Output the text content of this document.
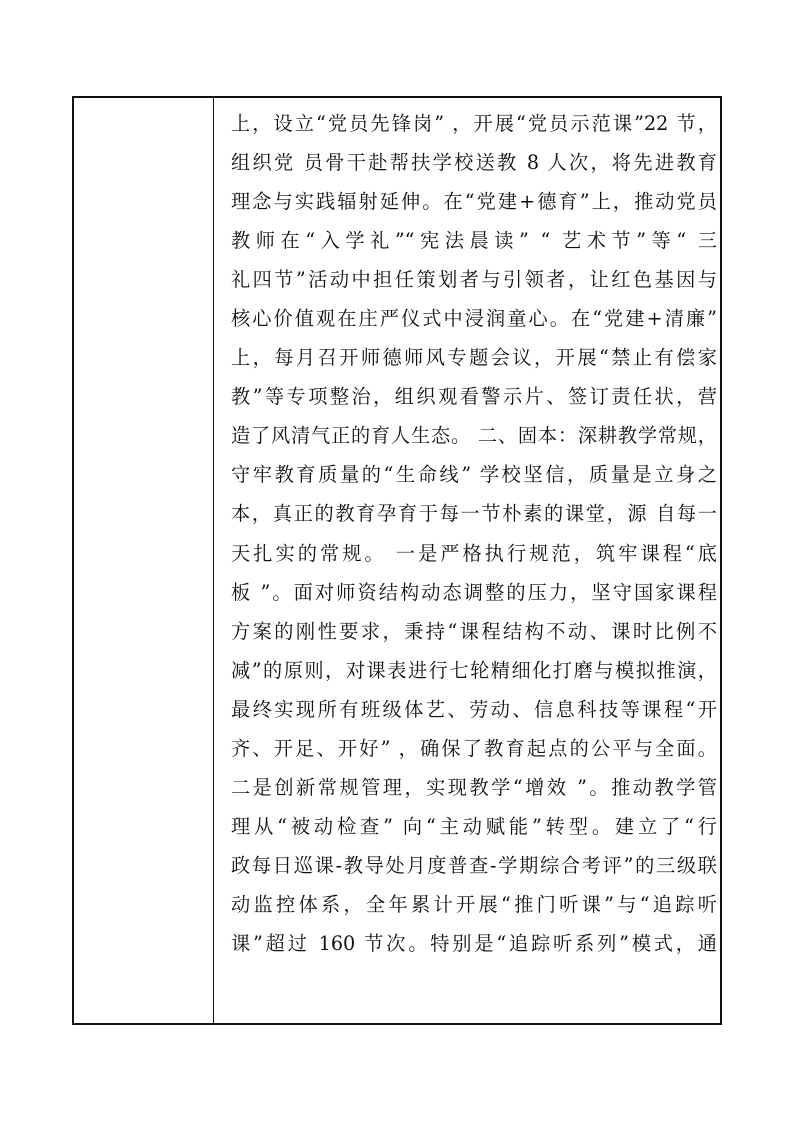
上，设立“党员先锋岗” ，开展“党员示范课”22 节，
组织党 员骨干赴帮扶学校送教 8 人次，将先进教育
理念与实践辐射延伸。在“党建+德育”上，推动党员
教师在“入学礼”“宪法晨读” “ 艺术节”等“ 三
礼四节”活动中担任策划者与引领者，让红色基因与
核心价值观在庄严仪式中浸润童心。在“党建+清廉”
上，每月召开师德师风专题会议，开展“禁止有偿家
教”等专项整治，组织观看警示片、签订责任状，营
造了风清气正的育人生态。 二、固本：深耕教学常规，
守牢教育质量的“生命线” 学校坚信，质量是立身之
本，真正的教育孕育于每一节朴素的课堂，源 自每一
天扎实的常规。 一是严格执行规范，筑牢课程“底
板 ”。面对师资结构动态调整的压力，坚守国家课程
方案的刚性要求，秉持“课程结构不动、课时比例不
减”的原则，对课表进行七轮精细化打磨与模拟推演，
最终实现所有班级体艺、劳动、信息科技等课程“开
齐、开足、开好” ，确保了教育起点的公平与全面。
二是创新常规管理，实现教学“增效 ”。推动教学管
理从“被动检查” 向“主动赋能”转型。建立了“行
政每日巡课-教导处月度普查-学期综合考评”的三级联
动监控体系，全年累计开展“推门听课”与“追踪听
课”超过 160 节次。特别是“追踪听系列”模式，通
